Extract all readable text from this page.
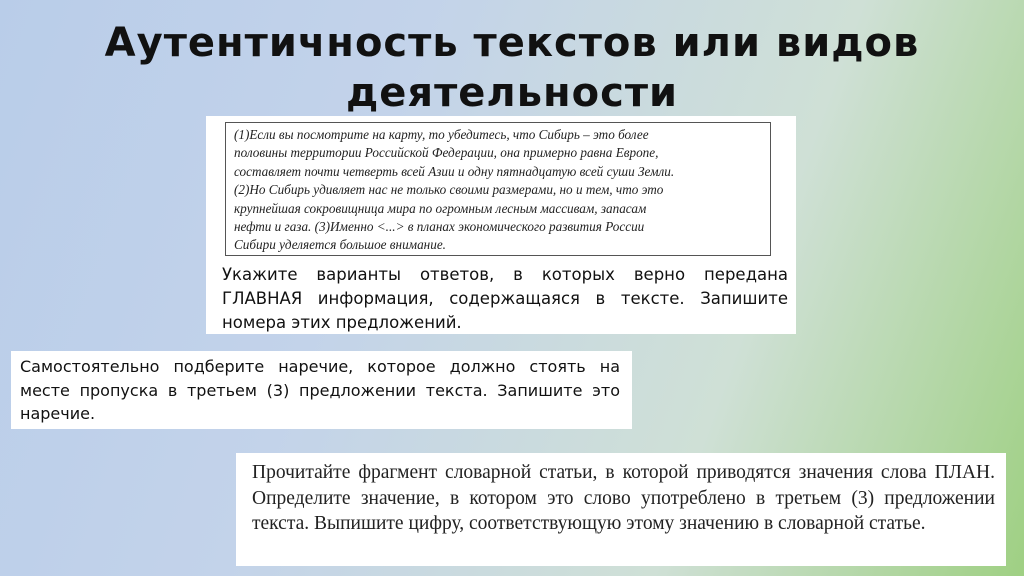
Аутентичность текстов или видов
деятельности

(1)Если вы посмотрите на карту, то убедитесь, что Сибирь – это более

половины территории Российской Федерации, она примерно равна Европе,

составляет почти четверть всей Азии и одну пятнадцатую всей суши Земли.

(2)Но Сибирь удивляет нас не только своими размерами, но и тем, что это

крупнейшая сокровищница мира по огромным лесным массивам, запасам

нефти и газа. (3)Именно <...> в планах экономического развития России

Сибири уделяется большое внимание.

Укажите варианты ответов, в которых верно передана ГЛАВНАЯ информация, содержащаяся в тексте. Запишите номера этих предложений.
Самостоятельно подберите наречие, которое должно стоять на месте пропуска в третьем (3) предложении текста. Запишите это наречие.
Прочитайте фрагмент словарной статьи, в которой приводятся значения слова ПЛАН. Определите значение, в котором это слово употреблено в третьем (3) предложении текста. Выпишите цифру, соответствующую этому значению в словарной статье.
